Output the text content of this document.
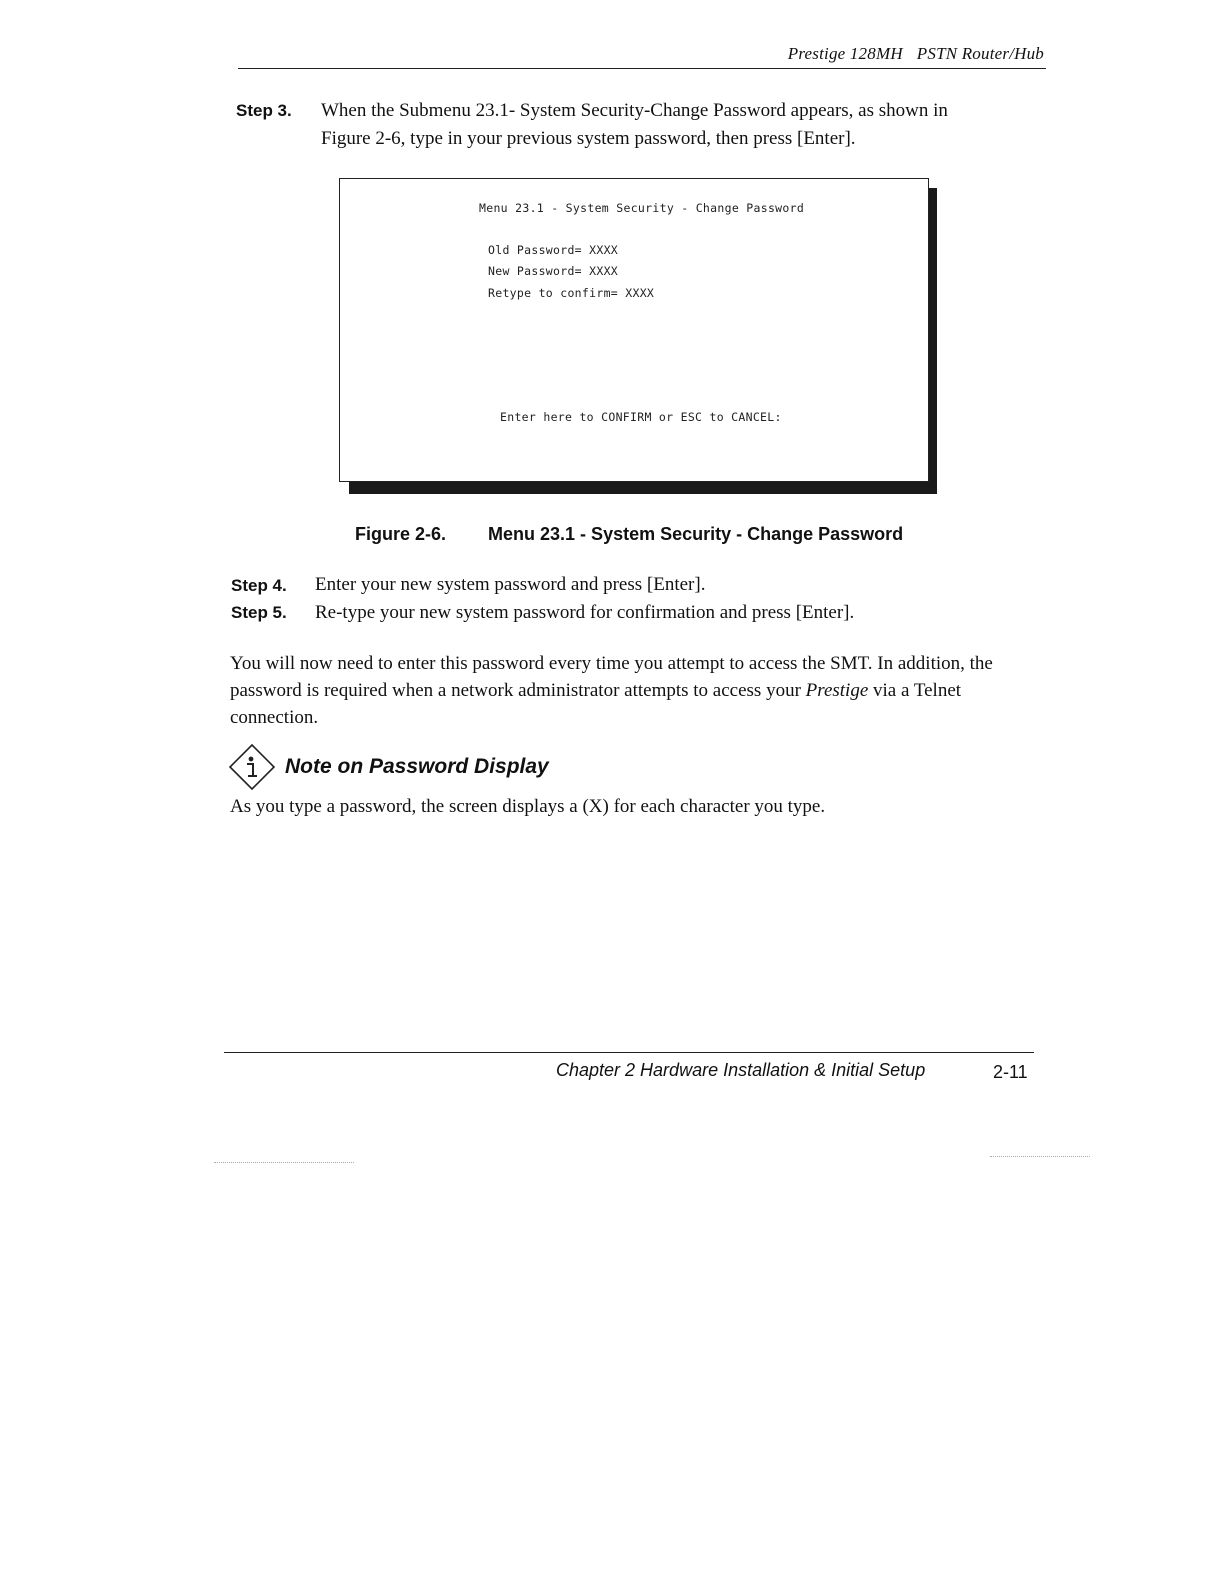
Prestige 128MH PSTN Router/Hub
Step 3. When the Submenu 23.1- System Security-Change Password appears, as shown in
Figure 2-6, type in your previous system password, then press [Enter].
Menu 23.1 - System Security - Change Password
Old Password= XXXX
New Password= XXXX
Retype to confirm= XXXX
Enter here to CONFIRM or ESC to CANCEL:
Figure 2-6. Menu 23.1 - System Security - Change Password
Step 4. Enter your new system password and press [Enter].
Step 5. Re-type your new system password for confirmation and press [Enter].
You will now need to enter this password every time you attempt to access the SMT. In addition, the password is required when a network administrator attempts to access your Prestige via a Telnet connection.
Note on Password Display
As you type a password, the screen displays a (X) for each character you type.
Chapter 2 Hardware Installation & Initial Setup	2-11
